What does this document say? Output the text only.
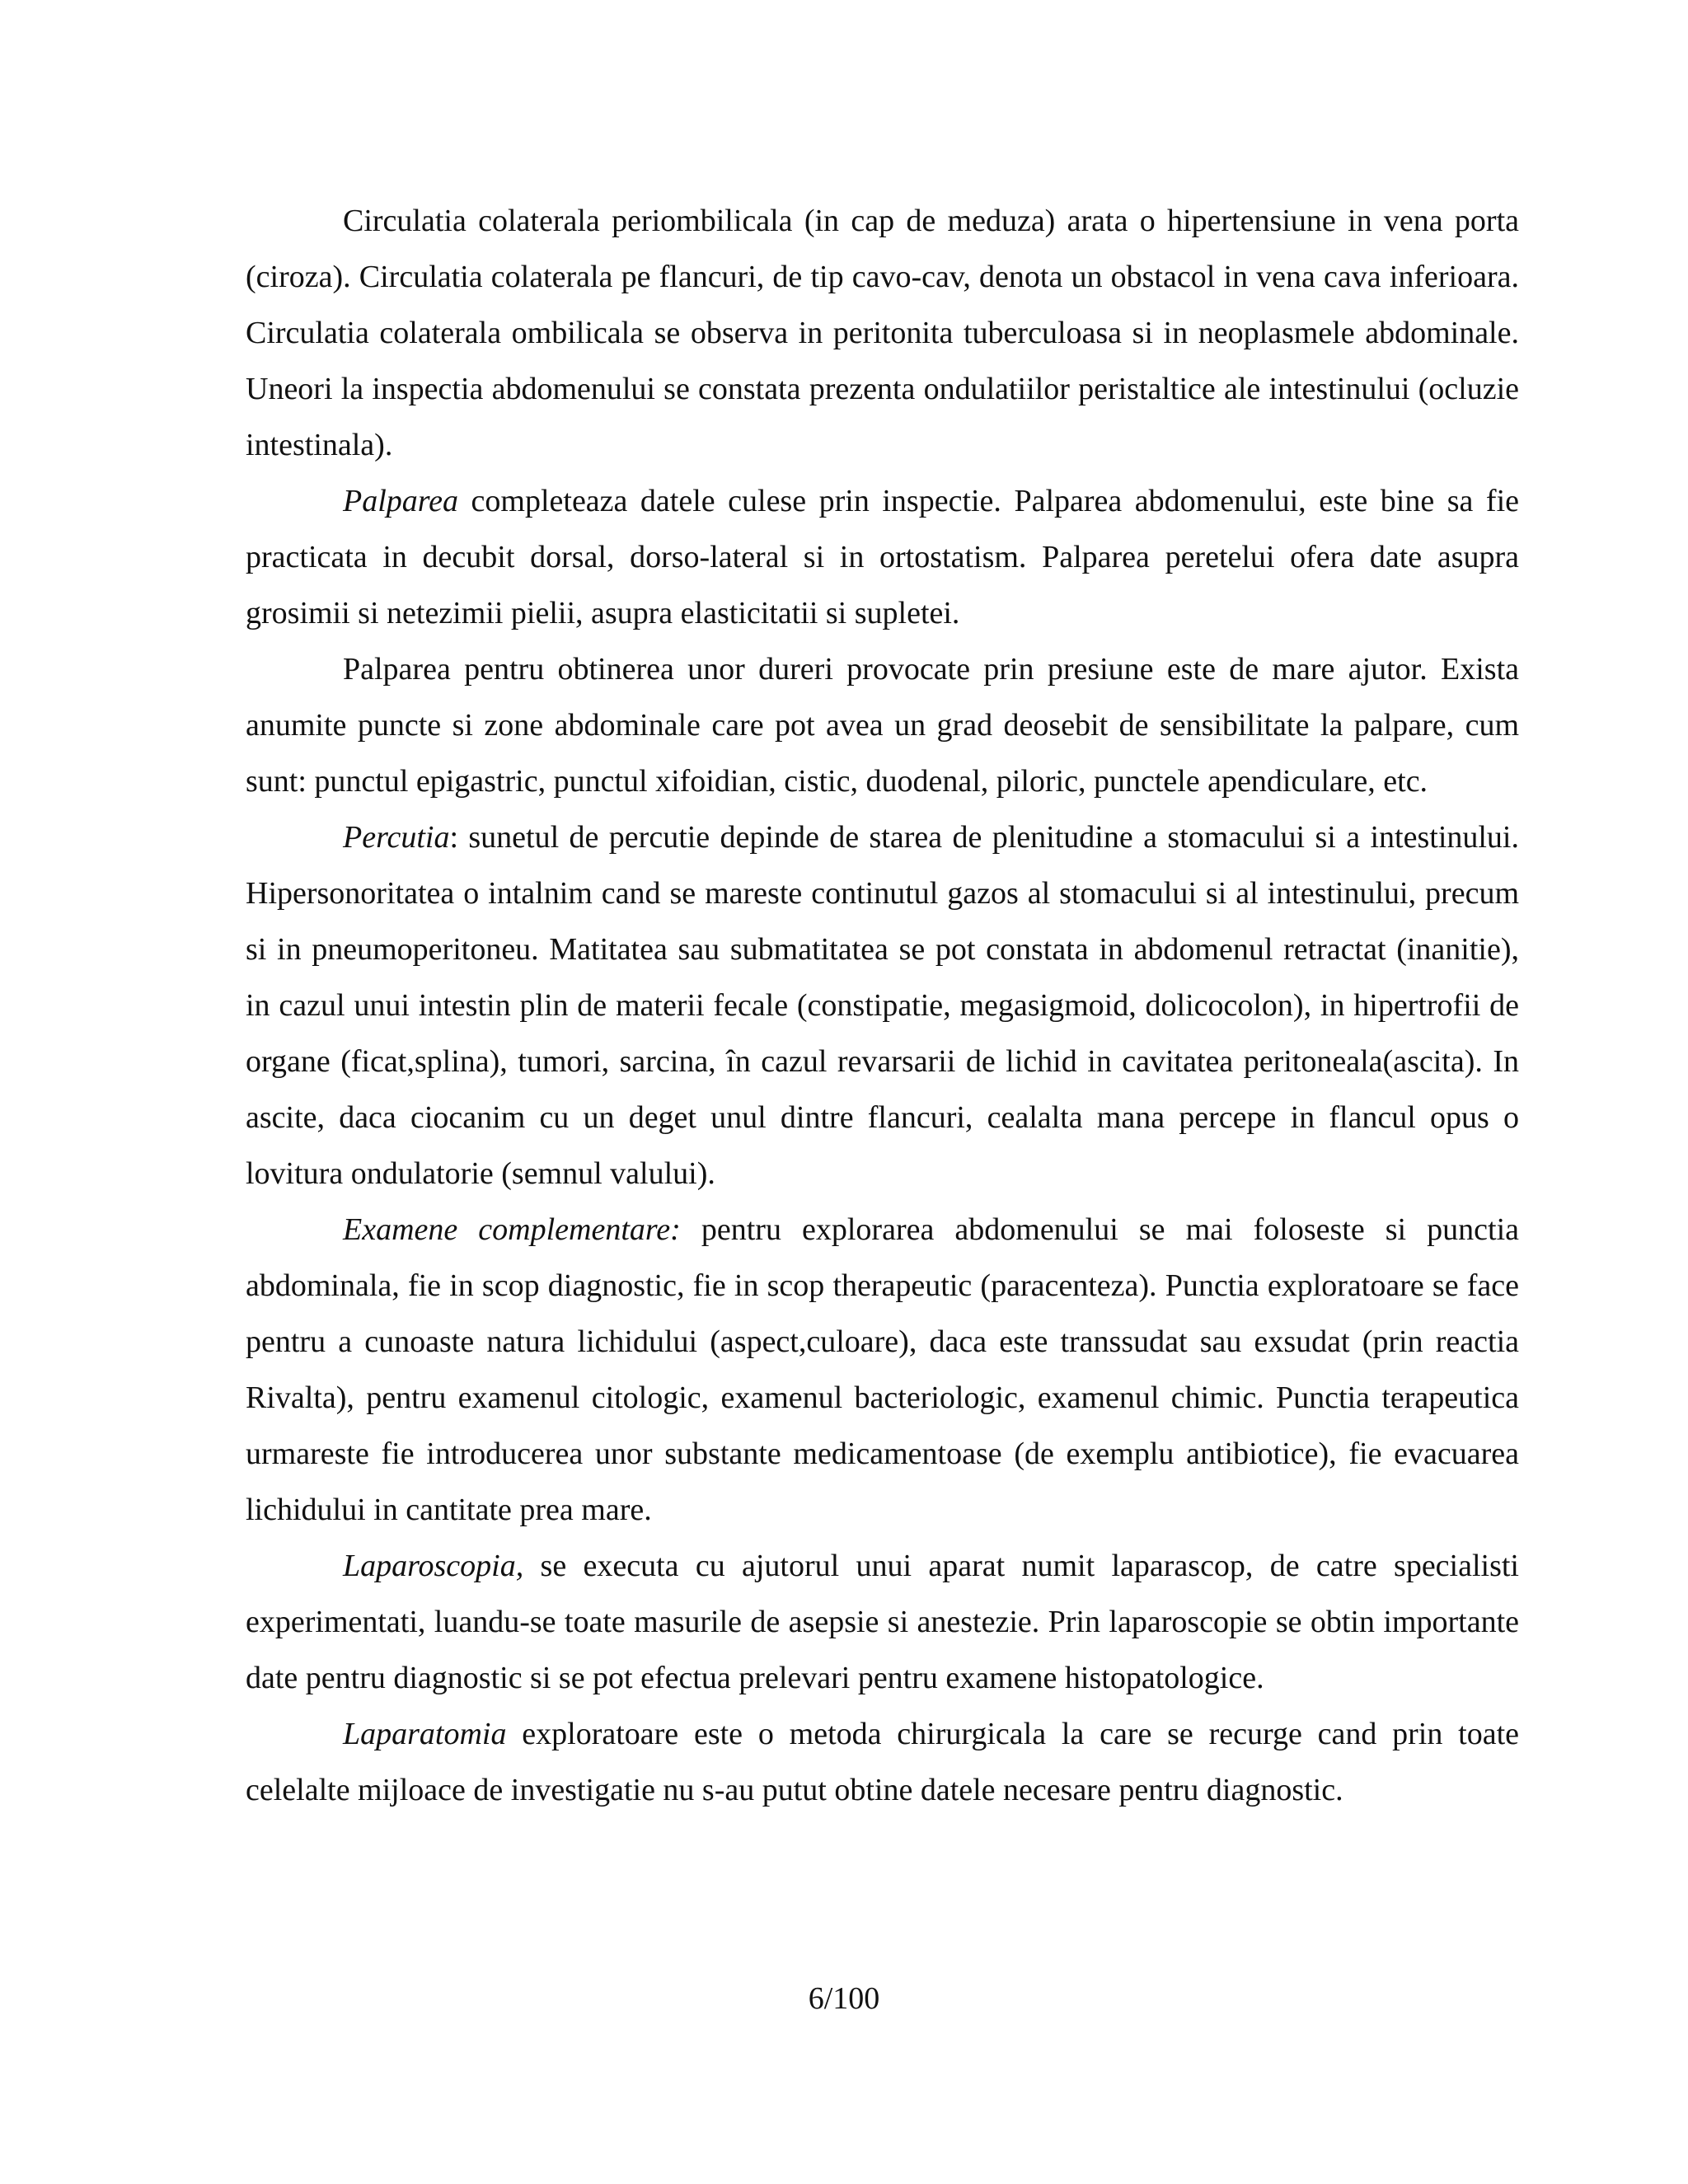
Circulatia colaterala periombilicala (in cap de meduza) arata o hipertensiune in vena porta (ciroza). Circulatia colaterala pe flancuri, de tip cavo-cav, denota un obstacol in vena cava inferioara. Circulatia colaterala ombilicala se observa in peritonita tuberculoasa si in neoplasmele abdominale. Uneori la inspectia abdomenului se constata prezenta ondulatiilor peristaltice ale intestinului (ocluzie intestinala).

Palparea completeaza datele culese prin inspectie. Palparea abdomenului, este bine sa fie practicata in decubit dorsal, dorso-lateral si in ortostatism. Palparea peretelui ofera date asupra grosimii si netezimii pielii, asupra elasticitatii si supletei.

Palparea pentru obtinerea unor dureri provocate prin presiune este de mare ajutor. Exista anumite puncte si zone abdominale care pot avea un grad deosebit de sensibilitate la palpare, cum sunt: punctul epigastric, punctul xifoidian, cistic, duodenal, piloric, punctele apendiculare, etc.

Percutia: sunetul de percutie depinde de starea de plenitudine a stomacului si a intestinului. Hipersonoritatea o intalnim cand se mareste continutul gazos al stomacului si al intestinului, precum si in pneumoperitoneu. Matitatea sau submatitatea se pot constata in abdomenul retractat (inanitie), in cazul unui intestin plin de materii fecale (constipatie, megasigmoid, dolicocolon), in hipertrofii de organe (ficat,splina), tumori, sarcina, în cazul revarsarii de lichid in cavitatea peritoneala(ascita). In ascite, daca ciocanim cu un deget unul dintre flancuri, cealalta mana percepe in flancul opus o lovitura ondulatorie (semnul valului).

Examene complementare: pentru explorarea abdomenului se mai foloseste si punctia abdominala, fie in scop diagnostic, fie in scop therapeutic (paracenteza). Punctia exploratoare se face pentru a cunoaste natura lichidului (aspect,culoare), daca este transsudat sau exsudat (prin reactia Rivalta), pentru examenul citologic, examenul bacteriologic, examenul chimic. Punctia terapeutica urmareste fie introducerea unor substante medicamentoase (de exemplu antibiotice), fie evacuarea lichidului in cantitate prea mare.

Laparoscopia, se executa cu ajutorul unui aparat numit laparascop, de catre specialisti experimentati, luandu-se toate masurile de asepsie si anestezie. Prin laparoscopie se obtin importante date pentru diagnostic si se pot efectua prelevari pentru examene histopatologice.

Laparatomia exploratoare este o metoda chirurgicala la care se recurge cand prin toate celelalte mijloace de investigatie nu s-au putut obtine datele necesare pentru diagnostic.

6/100
